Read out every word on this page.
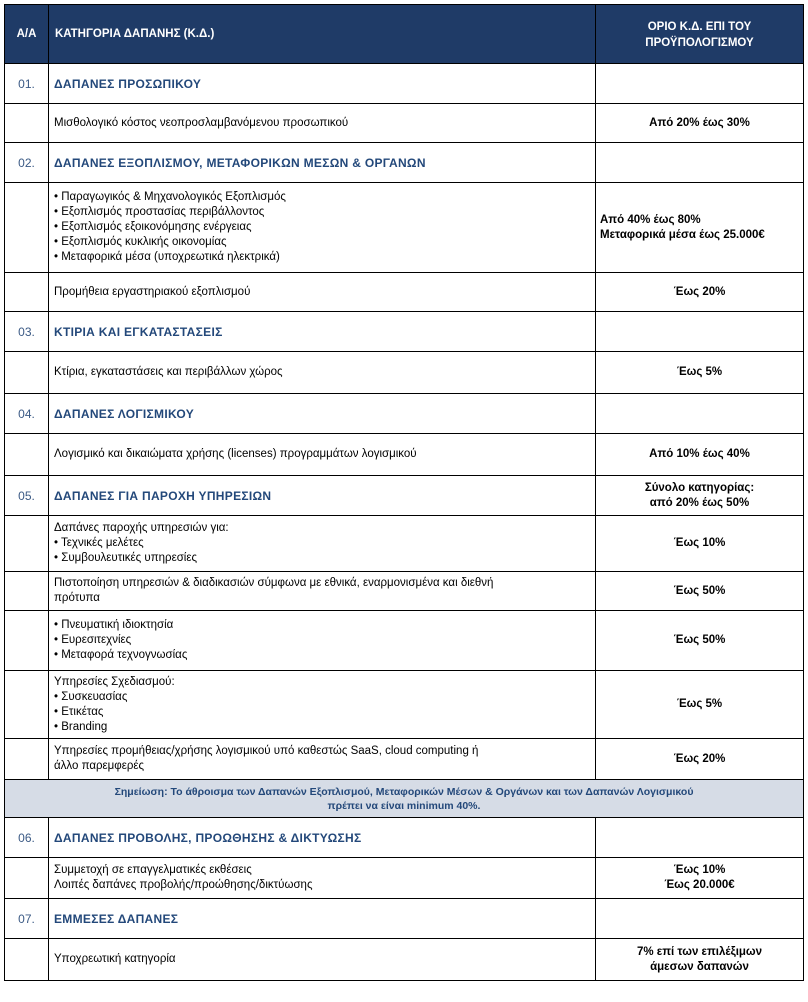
Α/Α	ΚΑΤΗΓΟΡΙΑ ΔΑΠΑΝΗΣ (Κ.Δ.)	ΟΡΙΟ Κ.Δ. ΕΠΙ ΤΟΥ
ΠΡΟΫΠΟΛΟΓΙΣΜΟΥ

01.	ΔΑΠΑΝΕΣ ΠΡΟΣΩΠΙΚΟΥ	
	Μισθολογικό κόστος νεοπροσλαμβανόμενου προσωπικού	Από 20% έως 30%
02.	ΔΑΠΑΝΕΣ ΕΞΟΠΛΙΣΜΟΥ, ΜΕΤΑΦΟΡΙΚΩΝ ΜΕΣΩΝ & ΟΡΓΑΝΩΝ	

	• Παραγωγικός & Μηχανολογικός Εξοπλισμός
• Εξοπλισμός προστασίας περιβάλλοντος
• Εξοπλισμός εξοικονόμησης ενέργειας
• Εξοπλισμός κυκλικής οικονομίας
• Μεταφορικά μέσα (υποχρεωτικά ηλεκτρικά)	Από 40% έως 80%
Μεταφορικά μέσα έως 25.000€

	Προμήθεια εργαστηριακού εξοπλισμού	Έως 20%
03.	ΚΤΙΡΙΑ ΚΑΙ ΕΓΚΑΤΑΣΤΑΣΕΙΣ	
	Κτίρια, εγκαταστάσεις και περιβάλλων χώρος	Έως 5%
04.	ΔΑΠΑΝΕΣ ΛΟΓΙΣΜΙΚΟΥ	
	Λογισμικό και δικαιώματα χρήσης (licenses) προγραμμάτων λογισμικού	Από 10% έως 40%
05.	ΔΑΠΑΝΕΣ ΓΙΑ ΠΑΡΟΧΗ ΥΠΗΡΕΣΙΩΝ	Σύνολο κατηγορίας:
από 20% έως 50%

	Δαπάνες παροχής υπηρεσιών για:
• Τεχνικές μελέτες
• Συμβουλευτικές υπηρεσίες	Έως 10%

	Πιστοποίηση υπηρεσιών & διαδικασιών σύμφωνα με εθνικά, εναρμονισμένα και διεθνή
πρότυπα	Έως 50%

	• Πνευματική ιδιοκτησία
• Ευρεσιτεχνίες
• Μεταφορά τεχνογνωσίας	Έως 50%

	Υπηρεσίες Σχεδιασμού:
• Συσκευασίας
• Ετικέτας
• Branding	Έως 5%

	Υπηρεσίες προμήθειας/χρήσης λογισμικού υπό καθεστώς SaaS, cloud computing ή
άλλο παρεμφερές	Έως 20%

Σημείωση: Το άθροισμα των Δαπανών Εξοπλισμού, Μεταφορικών Μέσων & Οργάνων και των Δαπανών Λογισμικού
πρέπει να είναι minimum 40%.		

06.	ΔΑΠΑΝΕΣ ΠΡΟΒΟΛΗΣ, ΠΡΟΩΘΗΣΗΣ & ΔΙΚΤΥΩΣΗΣ	

	Συμμετοχή σε επαγγελματικές εκθέσεις
Λοιπές δαπάνες προβολής/προώθησης/δικτύωσης	Έως 10%
Έως 20.000€

07.	ΕΜΜΕΣΕΣ ΔΑΠΑΝΕΣ	
	Υποχρεωτική κατηγορία	7% επί των επιλέξιμων
άμεσων δαπανών
